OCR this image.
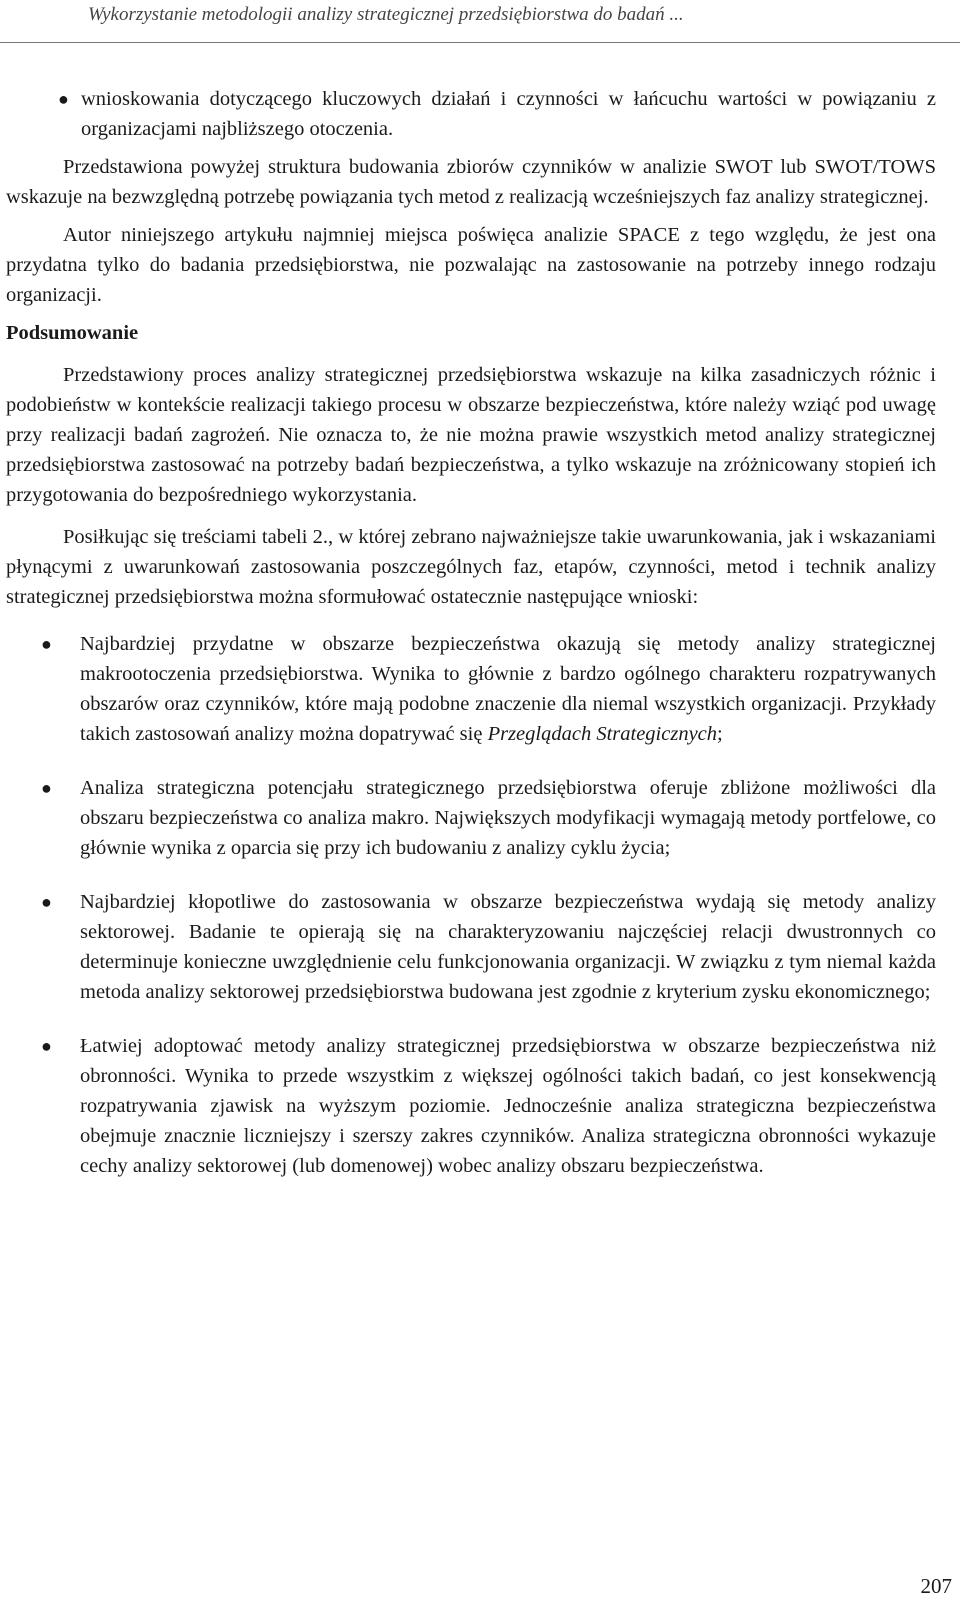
Wykorzystanie metodologii analizy strategicznej przedsiębiorstwa do badań ...

● wnioskowania dotyczącego kluczowych działań i czynności w łańcuchu wartości w powiązaniu z organizacjami najbliższego otoczenia.

Przedstawiona powyżej struktura budowania zbiorów czynników w analizie SWOT lub SWOT/TOWS wskazuje na bezwzględną potrzebę powiązania tych metod z realizacją wcześniejszych faz analizy strategicznej.

Autor niniejszego artykułu najmniej miejsca poświęca analizie SPACE z tego względu, że jest ona przydatna tylko do badania przedsiębiorstwa, nie pozwalając na zastosowanie na potrzeby innego rodzaju organizacji.

Podsumowanie

Przedstawiony proces analizy strategicznej przedsiębiorstwa wskazuje na kilka zasadniczych różnic i podobieństw w kontekście realizacji takiego procesu w obszarze bezpieczeństwa, które należy wziąć pod uwagę przy realizacji badań zagrożeń. Nie oznacza to, że nie można prawie wszystkich metod analizy strategicznej przedsiębiorstwa zastosować na potrzeby badań bezpieczeństwa, a tylko wskazuje na zróżnicowany stopień ich przygotowania do bezpośredniego wykorzystania.

Posiłkując się treściami tabeli 2., w której zebrano najważniejsze takie uwarunkowania, jak i wskazaniami płynącymi z uwarunkowań zastosowania poszczególnych faz, etapów, czynności, metod i technik analizy strategicznej przedsiębiorstwa można sformułować ostatecznie następujące wnioski:

● Najbardziej przydatne w obszarze bezpieczeństwa okazują się metody analizy strategicznej makrootoczenia przedsiębiorstwa. Wynika to głównie z bardzo ogólnego charakteru rozpatrywanych obszarów oraz czynników, które mają podobne znaczenie dla niemal wszystkich organizacji. Przykłady takich zastosowań analizy można dopatrywać się Przeglądach Strategicznych;
● Analiza strategiczna potencjału strategicznego przedsiębiorstwa oferuje zbliżone możliwości dla obszaru bezpieczeństwa co analiza makro. Największych modyfikacji wymagają metody portfelowe, co głównie wynika z oparcia się przy ich budowaniu z analizy cyklu życia;
● Najbardziej kłopotliwe do zastosowania w obszarze bezpieczeństwa wydają się metody analizy sektorowej. Badanie te opierają się na charakteryzowaniu najczęściej relacji dwustronnych co determinuje konieczne uwzględnienie celu funkcjonowania organizacji. W związku z tym niemal każda metoda analizy sektorowej przedsiębiorstwa budowana jest zgodnie z kryterium zysku ekonomicznego;
● Łatwiej adoptować metody analizy strategicznej przedsiębiorstwa w obszarze bezpieczeństwa niż obronności. Wynika to przede wszystkim z większej ogólności takich badań, co jest konsekwencją rozpatrywania zjawisk na wyższym poziomie. Jednocześnie analiza strategiczna bezpieczeństwa obejmuje znacznie liczniejszy i szerszy zakres czynników. Analiza strategiczna obronności wykazuje cechy analizy sektorowej (lub domenowej) wobec analizy obszaru bezpieczeństwa.
207
